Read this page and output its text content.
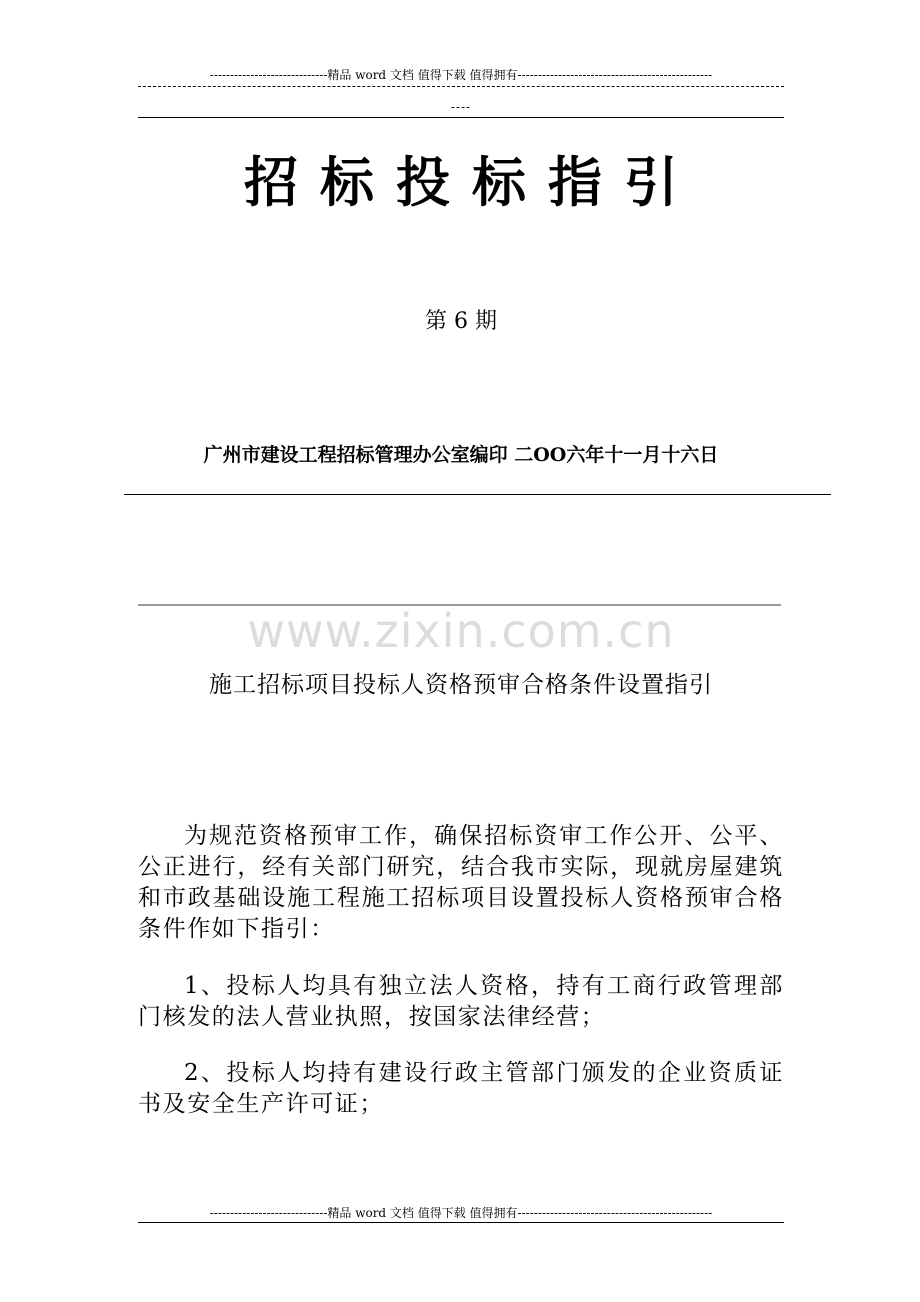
-----------------------------精品 word 文档 值得下载 值得拥有------------------------------------------------
----
招标投标指引
第 6 期
广州市建设工程招标管理办公室编印 二OO六年十一月十六日
www.zixin.com.cn
施工招标项目投标人资格预审合格条件设置指引
为规范资格预审工作，确保招标资审工作公开、公平、公正进行，经有关部门研究，结合我市实际，现就房屋建筑和市政基础设施工程施工招标项目设置投标人资格预审合格条件作如下指引：
1、投标人均具有独立法人资格，持有工商行政管理部门核发的法人营业执照，按国家法律经营；
2、投标人均持有建设行政主管部门颁发的企业资质证书及安全生产许可证；
-----------------------------精品 word 文档 值得下载 值得拥有------------------------------------------------
